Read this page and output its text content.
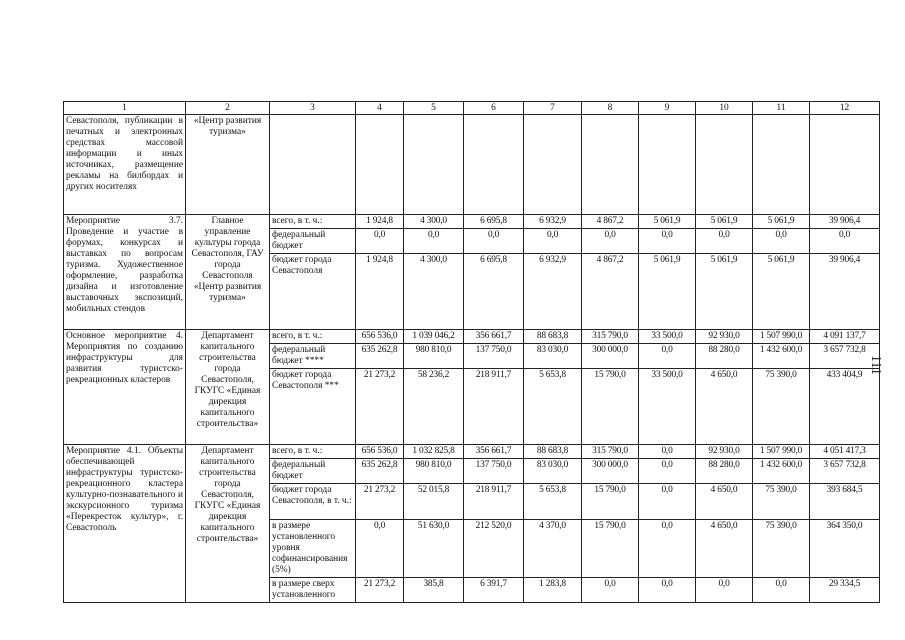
1	2	3	4	5	6	7	8	9	10	11	12
Севастополя, публикации в печатных и электронных средствах массовой информации и иных источниках, размещение рекламы на билбордах и других носителях	«Центр развития туризма»										
Мероприятие 3.7. Проведение и участие в форумах, конкурсах и выставках по вопросам туризма. Художественное оформление, разработка дизайна и изготовление выставочных экспозиций, мобильных стендов	Главное управление культуры города Севастополя, ГАУ города Севастополя «Центр развития туризма»	всего, в т. ч.:	1 924,8	4 300,0	6 695,8	6 932,9	4 867,2	5 061,9	5 061,9	5 061,9	39 906,4
		федеральный бюджет	0,0	0,0	0,0	0,0	0,0	0,0	0,0	0,0	0,0
		бюджет города Севастополя	1 924,8	4 300,0	6 695,8	6 932,9	4 867,2	5 061,9	5 061,9	5 061,9	39 906,4
Основное мероприятие 4. Мероприятия по созданию инфраструктуры для развития туристско-рекреационных кластеров	Департамент капитального строительства города Севастополя, ГКУГС «Единая дирекция капитального строительства»	всего, в т. ч.:	656 536,0	1 039 046,2	356 661,7	88 683,8	315 790,0	33 500,0	92 930,0	1 507 990,0	4 091 137,7
		федеральный бюджет ****	635 262,8	980 810,0	137 750,0	83 030,0	300 000,0	0,0	88 280,0	1 432 600,0	3 657 732,8
		бюджет города Севастополя ***	21 273,2	58 236,2	218 911,7	5 653,8	15 790,0	33 500,0	4 650,0	75 390,0	433 404,9
Мероприятие 4.1. Объекты обеспечивающей инфраструктуры туристско-рекреационного кластера культурно-познавательного и экскурсионного туризма «Перекресток культур», г. Севастополь	Департамент капитального строительства города Севастополя, ГКУГС «Единая дирекция капитального строительства»	всего, в т. ч.:	656 536,0	1 032 825,8	356 661,7	88 683,8	315 790,0	0,0	92 930,0	1 507 990,0	4 051 417,3
		федеральный бюджет	635 262,8	980 810,0	137 750,0	83 030,0	300 000,0	0,0	88 280,0	1 432 600,0	3 657 732,8
		бюджет города Севастополя, в т. ч.:	21 273,2	52 015,8	218 911,7	5 653,8	15 790,0	0,0	4 650,0	75 390,0	393 684,5
		в размере установленного уровня софинансирования (5%)	0,0	51 630,0	212 520,0	4 370,0	15 790,0	0,0	4 650,0	75 390,0	364 350,0
		в размере сверх установленного	21 273,2	385,8	6 391,7	1 283,8	0,0	0,0	0,0	0,0	29 334,5
111
